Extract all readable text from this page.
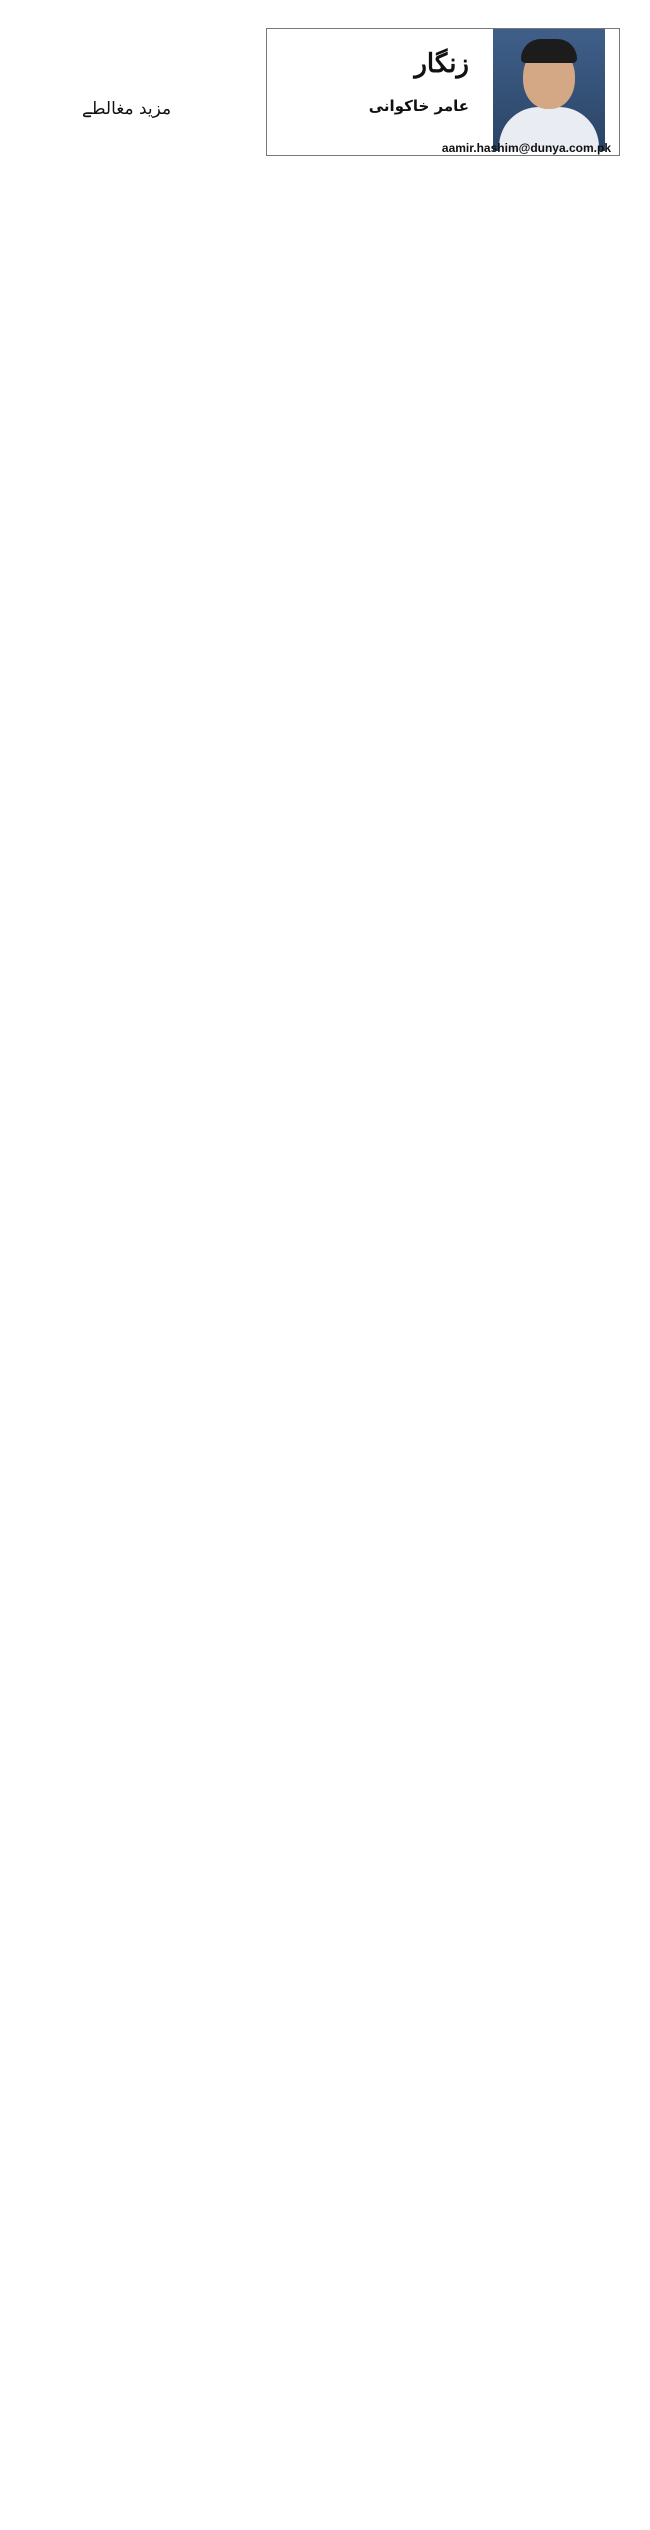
مزید مغالطے
زنگار
عامر خاکوانی
aamir.hashim@dunya.com.pk
